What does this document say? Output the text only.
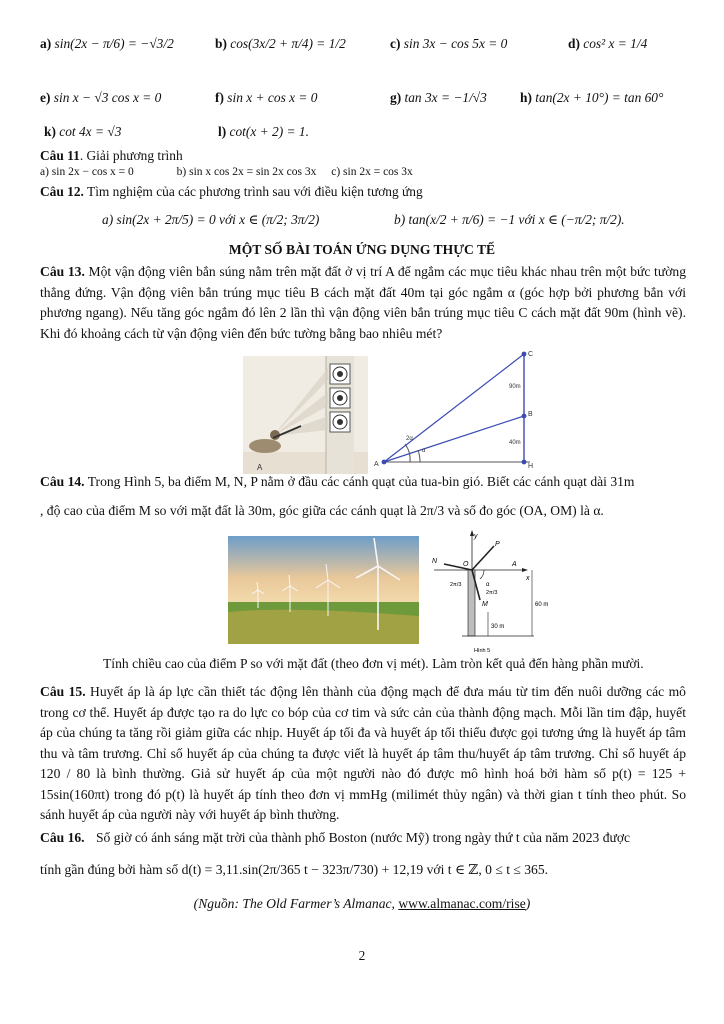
a) sin(2x − π/6) = −√3/2	b) cos(3x/2 + π/4) = 1/2	c) sin 3x − cos 5x = 0	d) cos² x = 1/4
e) sin x − √3 cos x = 0	f) sin x + cos x = 0	g) tan 3x = −1/√3 h) tan(2x + 10°) = tan 60°
k) cot 4x = √3	l) cot(x + 2) = 1.
Câu 11. Giải phương trình
a) sin 2x − cos x = 0	b) sin x cos 2x = sin 2x cos 3x c) sin 2x = cos 3x
Câu 12. Tìm nghiệm của các phương trình sau với điều kiện tương ứng
a) sin(2x + 2π/5) = 0 với x ∈ (π/2; 3π/2)	b) tan(x/2 + π/6) = −1 với x ∈ (−π/2; π/2).
MỘT SỐ BÀI TOÁN ỨNG DỤNG THỰC TẾ
Câu 13. Một vận động viên bắn súng nằm trên mặt đất ở vị trí A để ngắm các mục tiêu khác nhau trên một bức tường thẳng đứng. Vận động viên bắn trúng mục tiêu B cách mặt đất 40m tại góc ngắm α (góc hợp bởi phương bắn với phương ngang). Nếu tăng góc ngắm đó lên 2 lần thì vận động viên bắn trúng mục tiêu C cách mặt đất 90m (hình vẽ). Khi đó khoảng cách từ vận động viên đến bức tường bằng bao nhiêu mét?
A
C
B
H
A
90m
40m
2α
α
Câu 14. Trong Hình 5, ba điểm M, N, P nằm ở đầu các cánh quạt của tua-bin gió. Biết các cánh quạt dài 31m
, độ cao của điểm M so với mặt đất là 30m, góc giữa các cánh quạt là 2π/3 và số đo góc (OA, OM) là α.
y
N	O	A
x
P
M
α
2π/3
2π/3
60 m
30 m
Hình 5
Tính chiều cao của điểm P so với mặt đất (theo đơn vị mét). Làm tròn kết quả đến hàng phần mười.
Câu 15. Huyết áp là áp lực cần thiết tác động lên thành của động mạch để đưa máu từ tim đến nuôi dưỡng các mô trong cơ thể. Huyết áp được tạo ra do lực co bóp của cơ tim và sức cản của thành động mạch. Mỗi lần tim đập, huyết áp của chúng ta tăng rồi giảm giữa các nhịp. Huyết áp tối đa và huyết áp tối thiểu được gọi tương ứng là huyết áp tâm thu và tâm trương. Chỉ số huyết áp của chúng ta được viết là huyết áp tâm thu/huyết áp tâm trương. Chỉ số huyết áp 120 / 80 là bình thường. Giả sử huyết áp của một người nào đó được mô hình hoá bởi hàm số p(t) = 125 + 15sin(160πt) trong đó p(t) là huyết áp tính theo đơn vị mmHg (milimét thủy ngân) và thời gian t tính theo phút. So sánh huyết áp của người này với huyết áp bình thường.
Câu 16. Số giờ có ánh sáng mặt trời của thành phố Boston (nước Mỹ) trong ngày thứ t của năm 2023 được
tính gần đúng bởi hàm số d(t) = 3,11.sin(2π/365 t − 323π/730) + 12,19 với t ∈ ℤ, 0 ≤ t ≤ 365.
(Nguồn: The Old Farmer’s Almanac, www.almanac.com/rise)
2
